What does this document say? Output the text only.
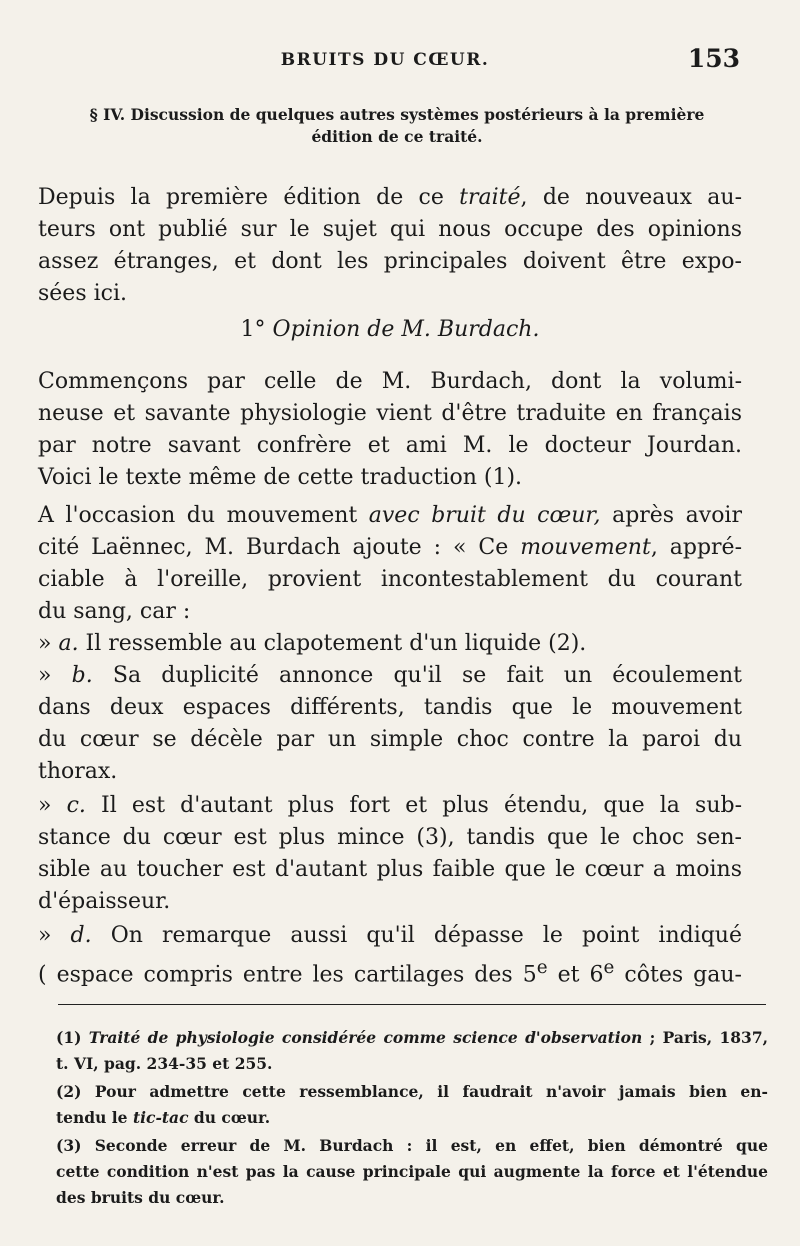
BRUITS DU CŒUR.	153
§ IV. Discussion de quelques autres systèmes postérieurs à la première
édition de ce traité.
Depuis la première édition de ce traité, de nouveaux au-
teurs ont publié sur le sujet qui nous occupe des opinions
assez étranges, et dont les principales doivent être expo-
sées ici.
1° Opinion de M. Burdach.
Commençons par celle de M. Burdach, dont la volumi-
neuse et savante physiologie vient d'être traduite en français
par notre savant confrère et ami M. le docteur Jourdan.
Voici le texte même de cette traduction (1).
A l'occasion du mouvement avec bruit du cœur, après avoir
cité Laënnec, M. Burdach ajoute : « Ce mouvement, appré-
ciable à l'oreille, provient incontestablement du courant
du sang, car :
» a. Il ressemble au clapotement d'un liquide (2).
» b. Sa duplicité annonce qu'il se fait un écoulement
dans deux espaces différents, tandis que le mouvement
du cœur se décèle par un simple choc contre la paroi du
thorax.
» c. Il est d'autant plus fort et plus étendu, que la sub-
stance du cœur est plus mince (3), tandis que le choc sen-
sible au toucher est d'autant plus faible que le cœur a moins
d'épaisseur.
» d. On remarque aussi qu'il dépasse le point indiqué
( espace compris entre les cartilages des 5e et 6e côtes gau-
(1) Traité de physiologie considérée comme science d'observation ; Paris, 1837,
t. VI, pag. 234-35 et 255.
(2) Pour admettre cette ressemblance, il faudrait n'avoir jamais bien en-
tendu le tic-tac du cœur.
(3) Seconde erreur de M. Burdach : il est, en effet, bien démontré que
cette condition n'est pas la cause principale qui augmente la force et l'étendue
des bruits du cœur.
